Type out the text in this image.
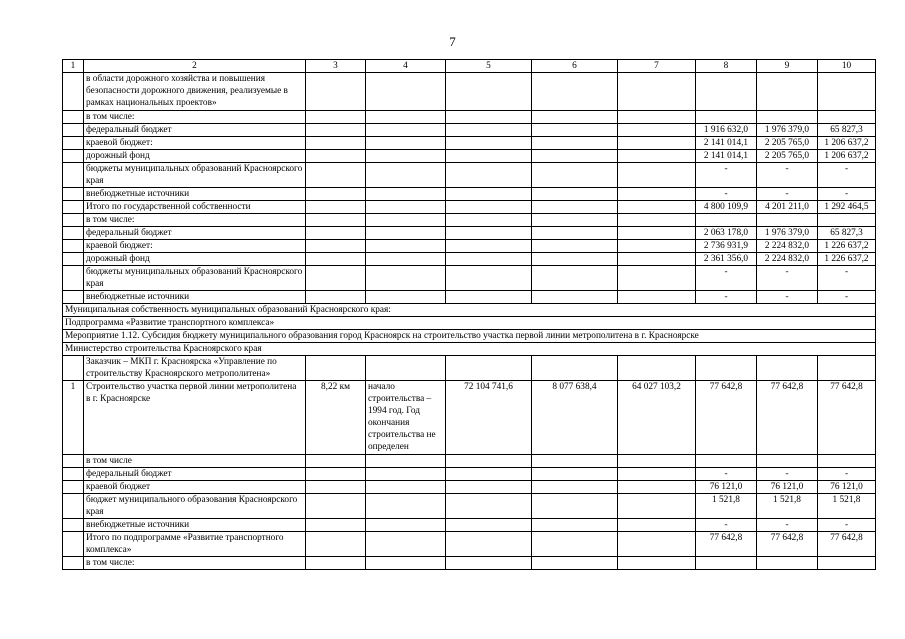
7
1	2	3	4	5	6	7	8	9	10
	в области дорожного хозяйства и повышения безопасности дорожного движения, реализуемые в рамках национальных проектов»								
	в том числе:								
	федеральный бюджет						1 916 632,0	1 976 379,0	65 827,3
	краевой бюджет:						2 141 014,1	2 205 765,0	1 206 637,2
	дорожный фонд						2 141 014,1	2 205 765,0	1 206 637,2
	бюджеты муниципальных образований Красноярского края						-	-	-
	внебюджетные источники						-	-	-
	Итого по государственной собственности						4 800 109,9	4 201 211,0	1 292 464,5
	в том числе:								
	федеральный бюджет						2 063 178,0	1 976 379,0	65 827,3
	краевой бюджет:						2 736 931,9	2 224 832,0	1 226 637,2
	дорожный фонд						2 361 356,0	2 224 832,0	1 226 637,2
	бюджеты муниципальных образований Красноярского края						-	-	-
	внебюджетные источники						-	-	-
Муниципальная собственность муниципальных образований Красноярского края:									
Подпрограмма «Развитие транспортного комплекса»									
Мероприятие 1.12. Субсидия бюджету муниципального образования город Красноярск на строительство участка первой линии метрополитена в г. Красноярске									
Министерство строительства Красноярского края									
	Заказчик – МКП г. Красноярска «Управление по строительству Красноярского метрополитена»								
1	Строительство участка первой линии метрополитена в г. Красноярске	8,22 км	начало строительства – 1994 год. Год окончания строительства не определен	72 104 741,6	8 077 638,4	64 027 103,2	77 642,8	77 642,8	77 642,8
	в том числе								
	федеральный бюджет						-	-	-
	краевой бюджет						76 121,0	76 121,0	76 121,0
	бюджет муниципального образования Красноярского края						1 521,8	1 521,8	1 521,8
	внебюджетные источники						-	-	-
	Итого по подпрограмме «Развитие транспортного комплекса»						77 642,8	77 642,8	77 642,8
	в том числе:								
